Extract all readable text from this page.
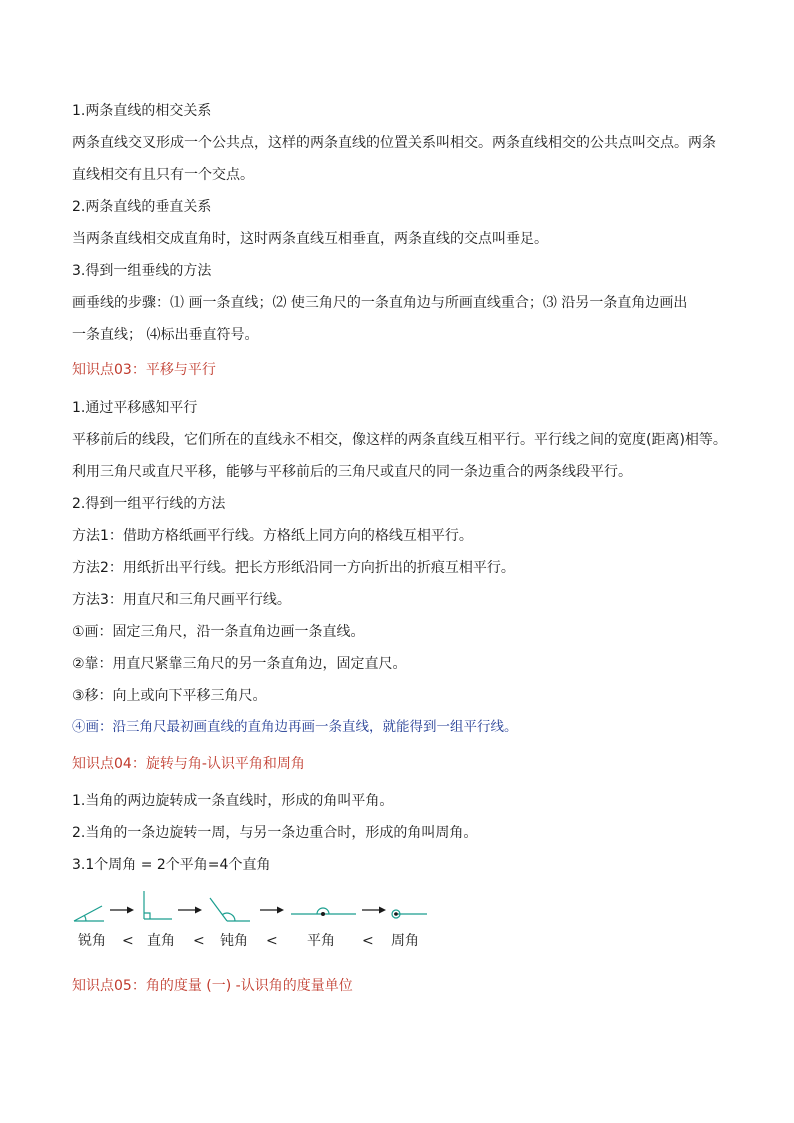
1.两条直线的相交关系
两条直线交叉形成一个公共点，这样的两条直线的位置关系叫相交。两条直线相交的公共点叫交点。两条
直线相交有且只有一个交点。
2.两条直线的垂直关系
当两条直线相交成直角时，这时两条直线互相垂直，两条直线的交点叫垂足。
3.得到一组垂线的方法
画垂线的步骤：⑴ 画一条直线；⑵ 使三角尺的一条直角边与所画直线重合；⑶ 沿另一条直角边画出
一条直线； ⑷标出垂直符号。
知识点03：平移与平行
1.通过平移感知平行
平移前后的线段，它们所在的直线永不相交，像这样的两条直线互相平行。平行线之间的宽度(距离)相等。
利用三角尺或直尺平移，能够与平移前后的三角尺或直尺的同一条边重合的两条线段平行。
2.得到一组平行线的方法
方法1：借助方格纸画平行线。方格纸上同方向的格线互相平行。
方法2：用纸折出平行线。把长方形纸沿同一方向折出的折痕互相平行。
方法3：用直尺和三角尺画平行线。
①画：固定三角尺，沿一条直角边画一条直线。
②靠：用直尺紧靠三角尺的另一条直角边，固定直尺。
③移：向上或向下平移三角尺。
④画：沿三角尺最初画直线的直角边再画一条直线，就能得到一组平行线。
知识点04：旋转与角-认识平角和周角
1.当角的两边旋转成一条直线时，形成的角叫平角。
2.当角的一条边旋转一周，与另一条边重合时，形成的角叫周角。
3.1个周角 = 2个平角=4个直角
锐角 < 直角 < 钝角 < 平角 < 周角
知识点05：角的度量 (一) -认识角的度量单位
